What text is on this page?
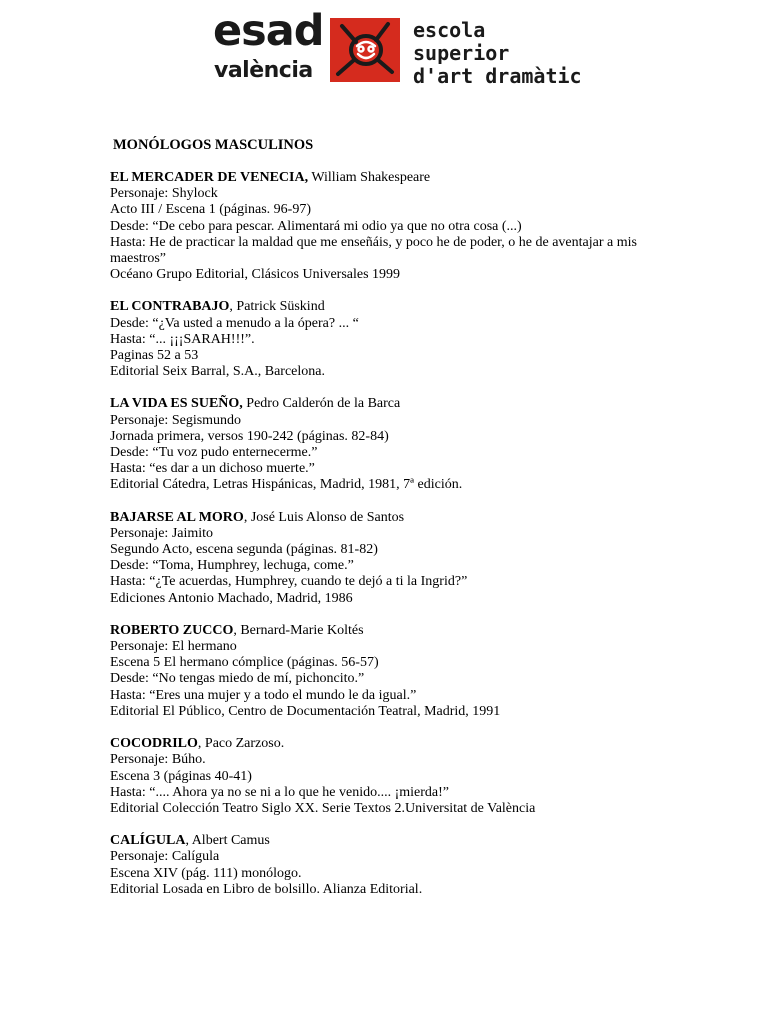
esad
valència
escola
superior
d'art dramàtic
MONÓLOGOS MASCULINOS
EL MERCADER DE VENECIA, William Shakespeare
Personaje: Shylock
Acto III / Escena 1 (páginas. 96-97)
Desde: “De cebo para pescar. Alimentará mi odio ya que no otra cosa (...)
Hasta: He de practicar la maldad que me enseñáis, y poco he de poder, o he de aventajar a mis
maestros”
Océano Grupo Editorial, Clásicos Universales 1999
EL CONTRABAJO, Patrick Süskind
Desde: “¿Va usted a menudo a la ópera? ... “
Hasta: “... ¡¡¡SARAH!!!”.
Paginas 52 a 53
Editorial Seix Barral, S.A., Barcelona.
LA VIDA ES SUEÑO, Pedro Calderón de la Barca
Personaje: Segismundo
Jornada primera, versos 190-242 (páginas. 82-84)
Desde: “Tu voz pudo enternecerme.”
Hasta: “es dar a un dichoso muerte.”
Editorial Cátedra, Letras Hispánicas, Madrid, 1981, 7ª edición.
BAJARSE AL MORO, José Luis Alonso de Santos
Personaje: Jaimito
Segundo Acto, escena segunda (páginas. 81-82)
Desde: “Toma, Humphrey, lechuga, come.”
Hasta: “¿Te acuerdas, Humphrey, cuando te dejó a ti la Ingrid?”
Ediciones Antonio Machado, Madrid, 1986
ROBERTO ZUCCO, Bernard-Marie Koltés
Personaje: El hermano
Escena 5 El hermano cómplice (páginas. 56-57)
Desde: “No tengas miedo de mí, pichoncito.”
Hasta: “Eres una mujer y a todo el mundo le da igual.”
Editorial El Público, Centro de Documentación Teatral, Madrid, 1991
COCODRILO, Paco Zarzoso.
Personaje: Búho.
Escena 3 (páginas 40-41)
Hasta: “.... Ahora ya no se ni a lo que he venido.... ¡mierda!”
Editorial Colección Teatro Siglo XX. Serie Textos 2.Universitat de València
CALÍGULA, Albert Camus
Personaje: Calígula
Escena XIV (pág. 111) monólogo.
Editorial Losada en Libro de bolsillo. Alianza Editorial.
